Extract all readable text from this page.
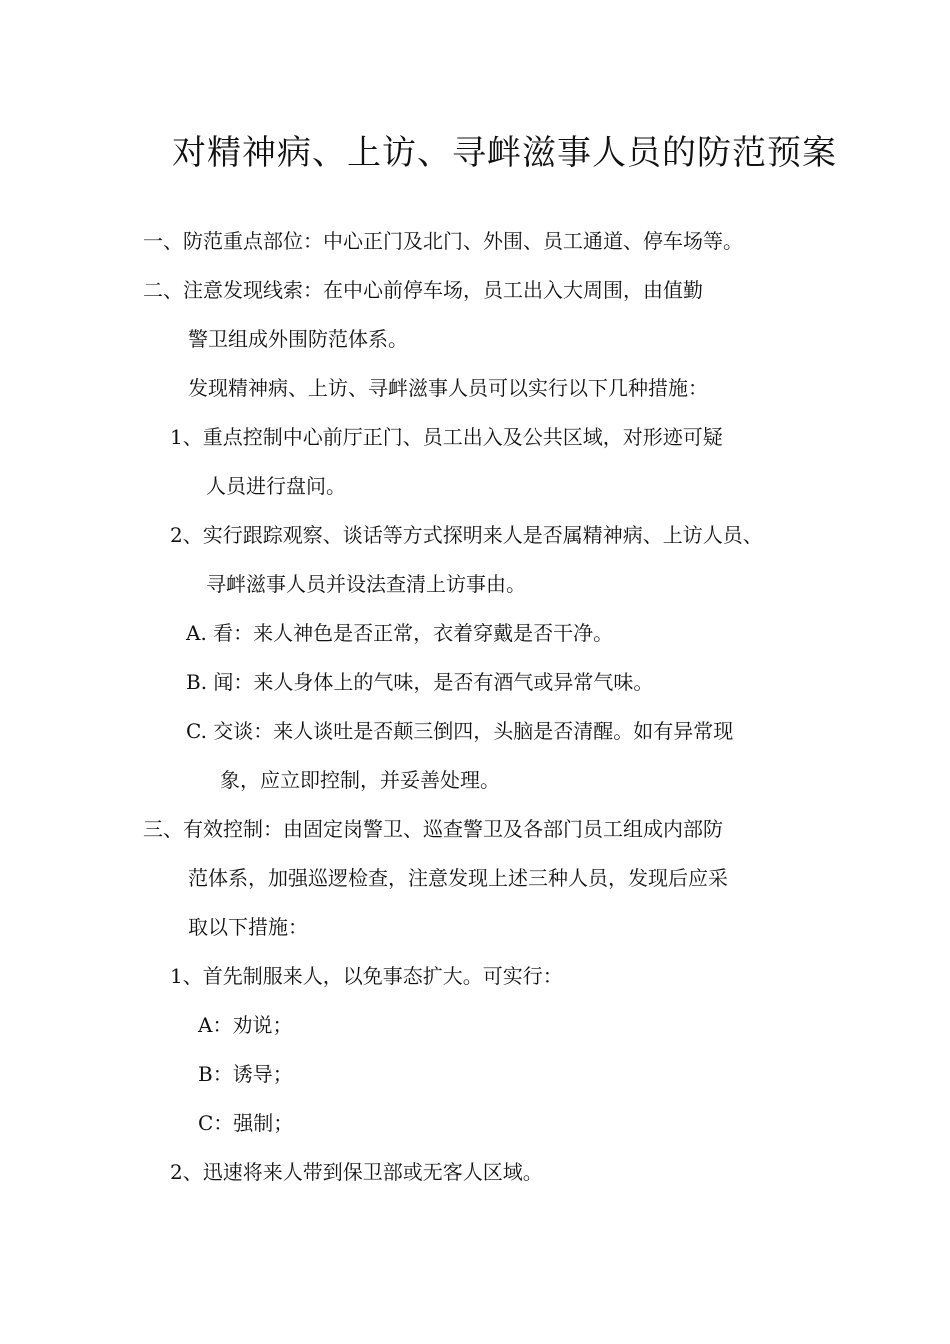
对精神病、上访、寻衅滋事人员的防范预案
一、防范重点部位：中心正门及北门、外围、员工通道、停车场等。
二、注意发现线索：在中心前停车场，员工出入大周围，由值勤
警卫组成外围防范体系。
发现精神病、上访、寻衅滋事人员可以实行以下几种措施：
1、重点控制中心前厅正门、员工出入及公共区域，对形迹可疑
人员进行盘问。
2、实行跟踪观察、谈话等方式探明来人是否属精神病、上访人员、
寻衅滋事人员并设法查清上访事由。
A. 看：来人神色是否正常，衣着穿戴是否干净。
B. 闻：来人身体上的气味，是否有酒气或异常气味。
C. 交谈：来人谈吐是否颠三倒四，头脑是否清醒。如有异常现
象，应立即控制，并妥善处理。
三、有效控制：由固定岗警卫、巡查警卫及各部门员工组成内部防
范体系，加强巡逻检查，注意发现上述三种人员，发现后应采
取以下措施：
1、首先制服来人，以免事态扩大。可实行：
A：劝说；
B：诱导；
C：强制；
2、迅速将来人带到保卫部或无客人区域。
